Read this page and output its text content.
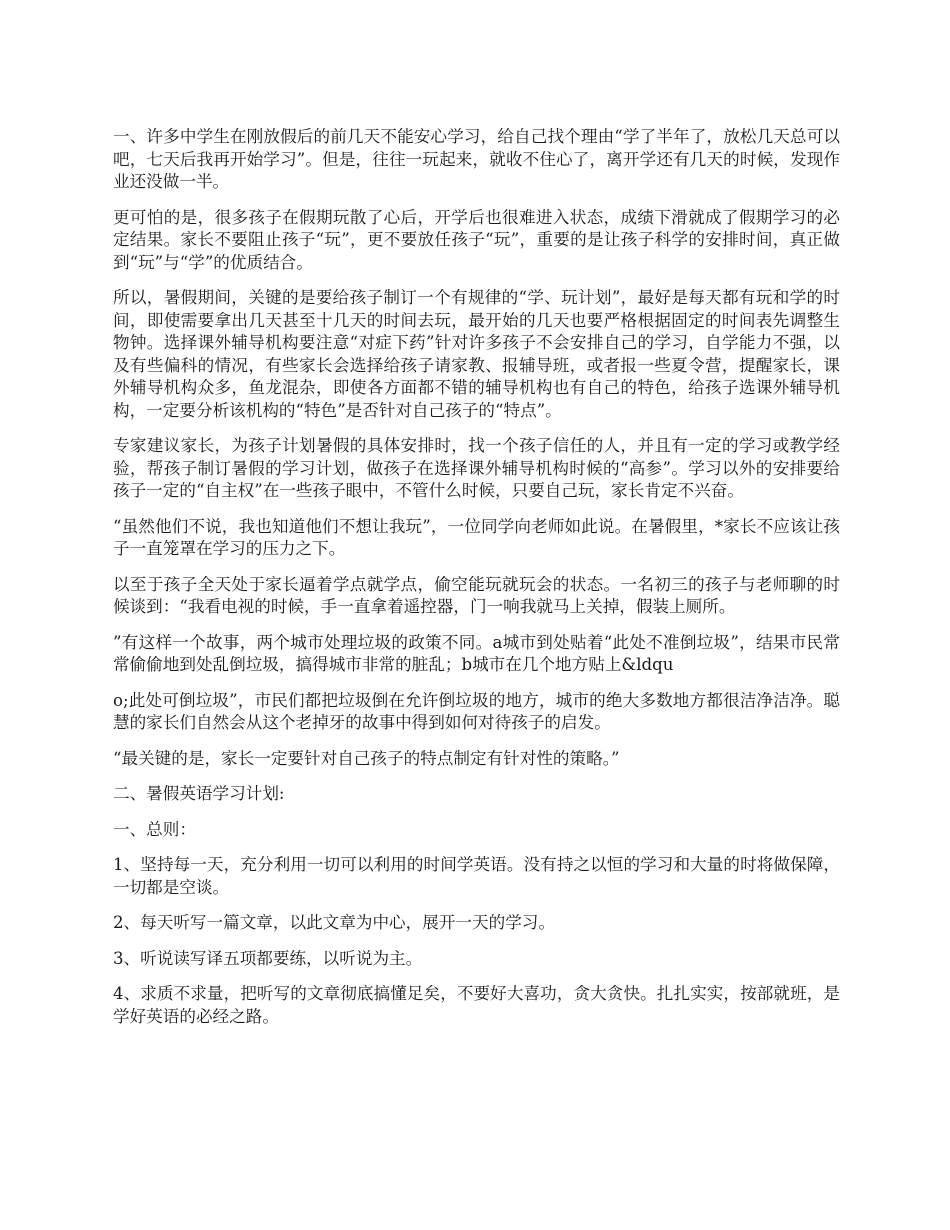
一、许多中学生在刚放假后的前几天不能安心学习，给自己找个理由“学了半年了，放松几天总可以吧，七天后我再开始学习”。但是，往往一玩起来，就收不住心了，离开学还有几天的时候，发现作业还没做一半。

更可怕的是，很多孩子在假期玩散了心后，开学后也很难进入状态，成绩下滑就成了假期学习的必定结果。家长不要阻止孩子“玩”，更不要放任孩子“玩”，重要的是让孩子科学的安排时间，真正做到“玩”与“学”的优质结合。

所以，暑假期间，关键的是要给孩子制订一个有规律的“学、玩计划”，最好是每天都有玩和学的时间，即使需要拿出几天甚至十几天的时间去玩，最开始的几天也要严格根据固定的时间表先调整生物钟。选择课外辅导机构要注意“对症下药”针对许多孩子不会安排自己的学习，自学能力不强，以及有些偏科的情况，有些家长会选择给孩子请家教、报辅导班，或者报一些夏令营，提醒家长，课外辅导机构众多，鱼龙混杂，即使各方面都不错的辅导机构也有自己的特色，给孩子选课外辅导机构，一定要分析该机构的“特色”是否针对自己孩子的“特点”。

专家建议家长，为孩子计划暑假的具体安排时，找一个孩子信任的人，并且有一定的学习或教学经验，帮孩子制订暑假的学习计划，做孩子在选择课外辅导机构时候的“高参”。学习以外的安排要给孩子一定的“自主权”在一些孩子眼中，不管什么时候，只要自己玩，家长肯定不兴奋。

“虽然他们不说，我也知道他们不想让我玩”，一位同学向老师如此说。在暑假里，*家长不应该让孩子一直笼罩在学习的压力之下。

以至于孩子全天处于家长逼着学点就学点，偷空能玩就玩会的状态。一名初三的孩子与老师聊的时候谈到：“我看电视的时候，手一直拿着遥控器，门一响我就马上关掉，假装上厕所。

”有这样一个故事，两个城市处理垃圾的政策不同。a城市到处贴着“此处不准倒垃圾”，结果市民常常偷偷地到处乱倒垃圾，搞得城市非常的脏乱；b城市在几个地方贴上&ldqu

o;此处可倒垃圾”，市民们都把垃圾倒在允许倒垃圾的地方，城市的绝大多数地方都很洁净洁净。聪慧的家长们自然会从这个老掉牙的故事中得到如何对待孩子的启发。

“最关键的是，家长一定要针对自己孩子的特点制定有针对性的策略。”

二、暑假英语学习计划:

一、总则：

1、坚持每一天，充分利用一切可以利用的时间学英语。没有持之以恒的学习和大量的时将做保障，一切都是空谈。

2、每天听写一篇文章，以此文章为中心，展开一天的学习。

3、听说读写译五项都要练，以听说为主。

4、求质不求量，把听写的文章彻底搞懂足矣，不要好大喜功，贪大贪快。扎扎实实，按部就班，是学好英语的必经之路。
